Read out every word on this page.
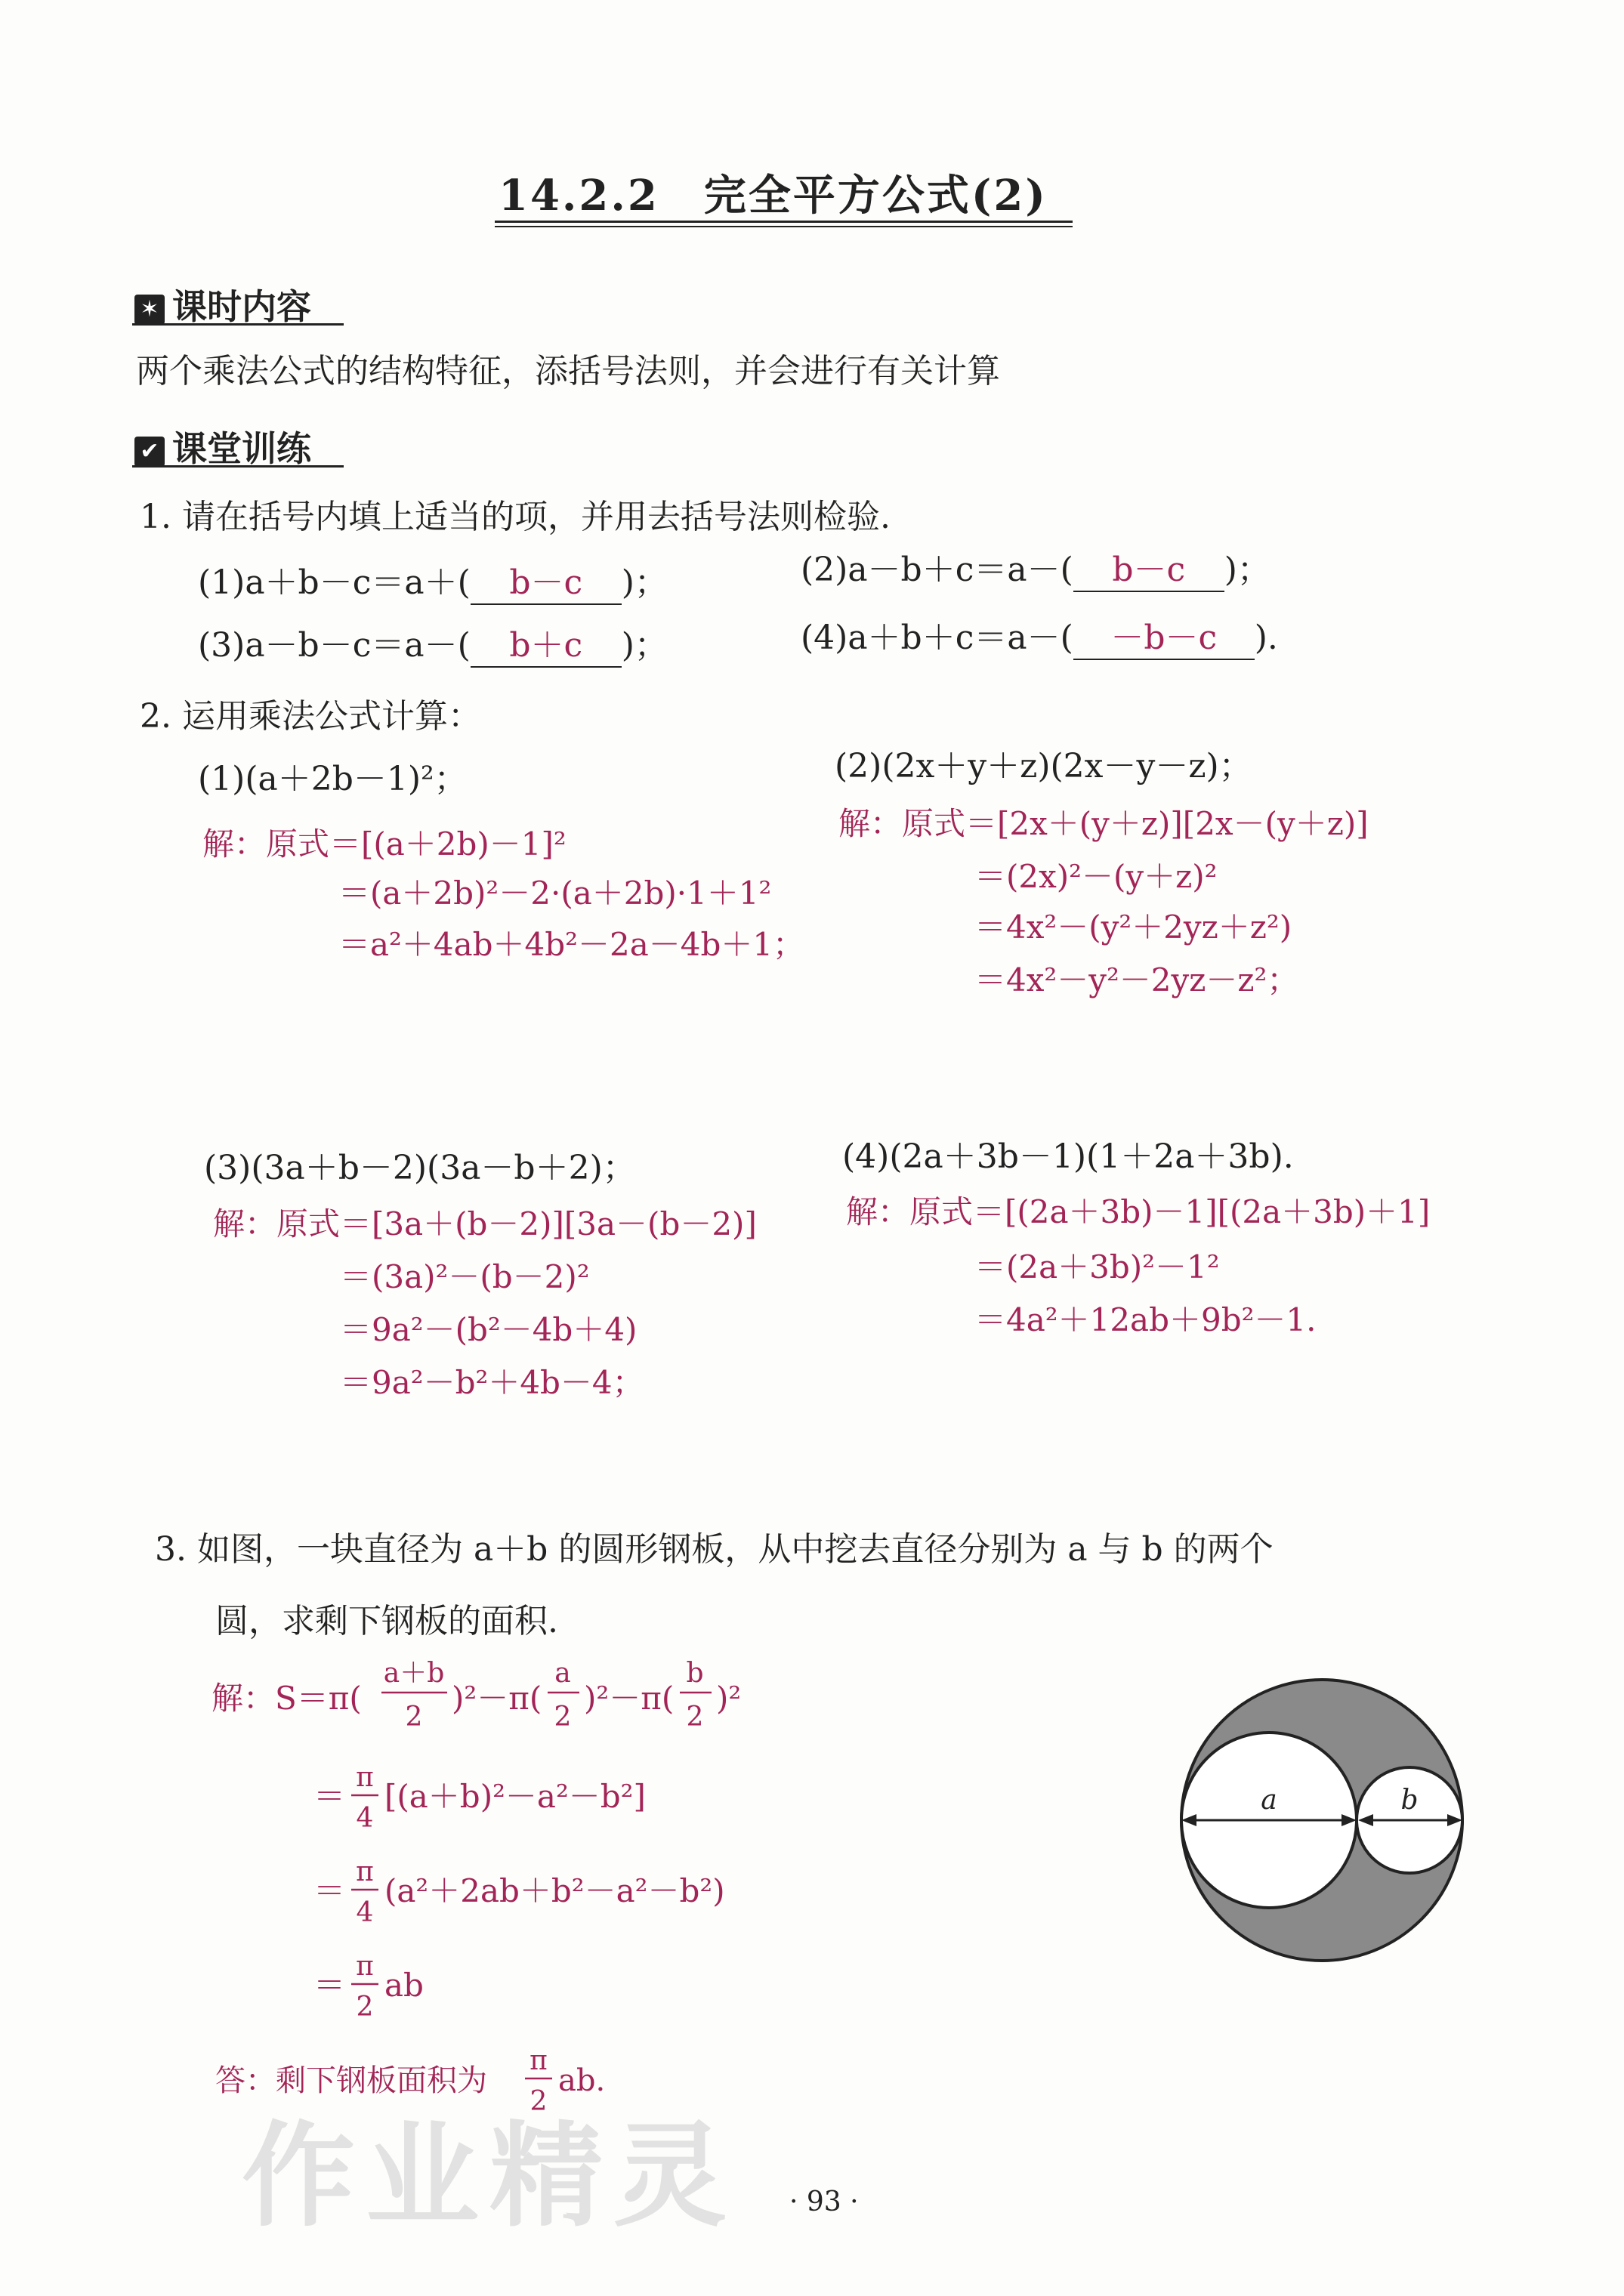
14.2.2　完全平方公式(2)
✶ 课时内容
两个乘法公式的结构特征，添括号法则，并会进行有关计算
✔ 课堂训练
1. 请在括号内填上适当的项，并用去括号法则检验.
(1)a＋b－c＝a＋( b－c )；	(2)a－b＋c＝a－( b－c )；
(3)a－b－c＝a－( b＋c )；	(4)a＋b＋c＝a－( －b－c ).
2. 运用乘法公式计算：
(1)(a＋2b－1)²；
解：原式＝[(a＋2b)－1]²
＝(a＋2b)²－2·(a＋2b)·1＋1²
＝a²＋4ab＋4b²－2a－4b＋1；
(2)(2x＋y＋z)(2x－y－z)；
解：原式＝[2x＋(y＋z)][2x－(y＋z)]
＝(2x)²－(y＋z)²
＝4x²－(y²＋2yz＋z²)
＝4x²－y²－2yz－z²；
(3)(3a＋b－2)(3a－b＋2)；
解：原式＝[3a＋(b－2)][3a－(b－2)]
＝(3a)²－(b－2)²
＝9a²－(b²－4b＋4)
＝9a²－b²＋4b－4；
(4)(2a＋3b－1)(1＋2a＋3b).
解：原式＝[(2a＋3b)－1][(2a＋3b)＋1]
＝(2a＋3b)²－1²
＝4a²＋12ab＋9b²－1.
3. 如图，一块直径为 a＋b 的圆形钢板，从中挖去直径分别为 a 与 b 的两个
圆，求剩下钢板的面积.
解：S＝π(
a＋b
2
)²－π(
a
2
)²－π(
b
2
)²
＝
π
4
[(a＋b)²－a²－b²]
＝
π
4
(a²＋2ab＋b²－a²－b²)
＝
π
2
ab
答：剩下钢板面积为
π
2
ab.
a	b
作业精灵 · 93 ·
